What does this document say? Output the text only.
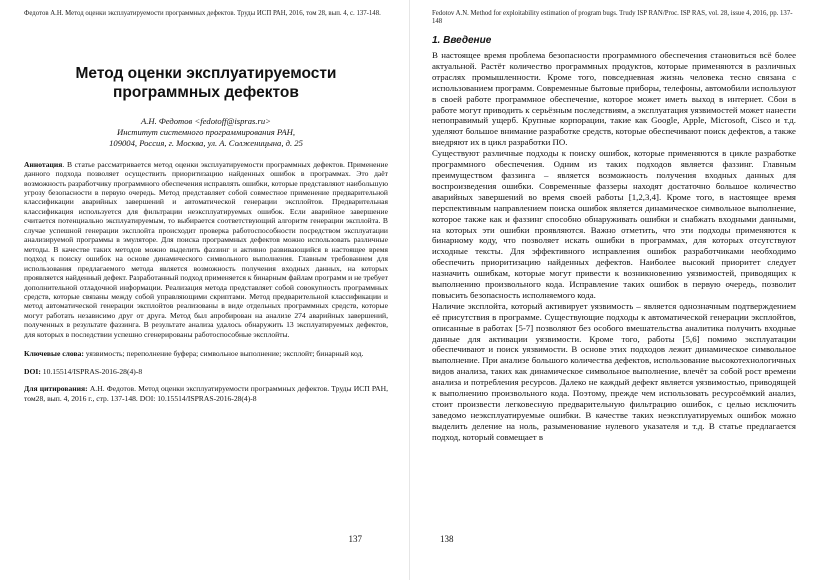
Федотов А.Н. Метод оценки эксплуатируемости программных дефектов. Труды ИСП РАН, 2016, том 28, вып. 4, с. 137-148.
Метод оценки эксплуатируемости программных дефектов
А.Н. Федотов <fedotoff@ispras.ru>
Институт системного программирования РАН,
109004, Россия, г. Москва, ул. А. Солженицына, д. 25

Аннотация. В статье рассматривается метод оценки эксплуатируемости программных дефектов. Применение данного подхода позволяет осуществить приоритизацию найденных ошибок в программах. Это даёт возможность разработчику программного обеспечения исправлять ошибки, которые представляют наибольшую угрозу безопасности в первую очередь. Метод представляет собой совместное применение предварительной классификации аварийных завершений и автоматической генерации эксплойтов. Предварительная классификация используется для фильтрации неэксплуатируемых ошибок. Если аварийное завершение считается потенциально эксплуатируемым, то выбирается соответствующий алгоритм генерации эксплойта. В случае успешной генерации эксплойта происходит проверка работоспособности посредством эксплуатации анализируемой программы в эмуляторе. Для поиска программных дефектов можно использовать различные методы. В качестве таких методов можно выделить фаззинг и активно развивающийся в настоящее время подход к поиску ошибок на основе динамического символьного выполнения. Главным требованием для использования предлагаемого метода является возможность получения входных данных, на которых проявляется найденный дефект. Разработанный подход применяется к бинарным файлам программ и не требует дополнительной отладочной информации. Реализация метода представляет собой совокупность программных средств, которые связаны между собой управляющими скриптами. Метод предварительной классификации и метод автоматической генерации эксплойтов реализованы в виде отдельных программных средств, которые могут работать независимо друг от друга. Метод был апробирован на анализе 274 аварийных завершений, полученных в результате фаззинга. В результате анализа удалось обнаружить 13 эксплуатируемых дефектов, для которых в последствии успешно сгенерированы работоспособные эксплойты.

Ключевые слова: уязвимость; переполнение буфера; символьное выполнение; эксплойт; бинарный код.

DOI: 10.15514/ISPRAS-2016-28(4)-8

Для цитирования: А.Н. Федотов. Метод оценки эксплуатируемости программных дефектов. Труды ИСП РАН, том28, вып. 4, 2016 г., стр. 137-148. DOI: 10.15514/ISPRAS-2016-28(4)-8

137
Fedotov A.N. Method for exploitability estimation of program bugs. Trudy ISP RAN/Proc. ISP RAS, vol. 28, issue 4, 2016, pp. 137-148
1. Введение

В настоящее время проблема безопасности программного обеспечения становиться всё более актуальной. Растёт количество программных продуктов, которые применяются в различных отраслях промышленности. Кроме того, повседневная жизнь человека тесно связана с использованием программ. Современные бытовые приборы, телефоны, автомобили используют в своей работе программное обеспечение, которое может иметь выход в интернет. Сбои в работе могут приводить к серьёзным последствиям, а эксплуатация уязвимостей может нанести непоправимый ущерб. Крупные корпорации, такие как Google, Apple, Microsoft, Cisco и т.д. уделяют большое внимание разработке средств, которые обеспечивают поиск дефектов, а также внедряют их в цикл разработки ПО.

Существуют различные подходы к поиску ошибок, которые применяются в цикле разработке программного обеспечения. Одним из таких подходов является фаззинг. Главным преимуществом фаззинга – является возможность получения входных данных для воспроизведения ошибки. Современные фаззеры находят достаточно большое количество аварийных завершений во время своей работы [1,2,3,4]. Кроме того, в настоящее время перспективным направлением поиска ошибок является динамическое символьное выполнение, которое также как и фаззинг способно обнаруживать ошибки и снабжать входными данными, на которых эти ошибки проявляются. Важно отметить, что эти подходы применяются к бинарному коду, что позволяет искать ошибки в программах, для которых отсутствуют исходные тексты. Для эффективного исправления ошибок разработчиками необходимо обеспечить приоритизацию найденных дефектов. Наиболее высокий приоритет следует назначить ошибкам, которые могут привести к возникновению уязвимостей, приводящих к выполнению произвольного кода. Исправление таких ошибок в первую очередь, позволит повысить безопасность исполняемого кода.

Наличие эксплойта, который активирует уязвимость – является однозначным подтверждением её присутствия в программе. Существующие подходы к автоматической генерации эксплойтов, описанные в работах [5-7] позволяют без особого вмешательства аналитика получить входные данные для активации уязвимости. Кроме того, работы [5,6] помимо эксплуатации обеспечивают и поиск уязвимости. В основе этих подходов лежит динамическое символьное выполнение. При анализе большого количества дефектов, использование высокотехнологичных видов анализа, таких как динамическое символьное выполнение, влечёт за собой рост времени анализа и потребления ресурсов. Далеко не каждый дефект является уязвимостью, приводящей к выполнению произвольного кода. Поэтому, прежде чем использовать ресурсоёмкий анализ, стоит произвести легковесную предварительную фильтрацию ошибок, с целью исключить заведомо неэксплуатируемые ошибки. В качестве таких неэксплуатируемых ошибок можно выделить деление на ноль, разыменование нулевого указателя и т.д. В статье предлагается подход, который совмещает в

138
